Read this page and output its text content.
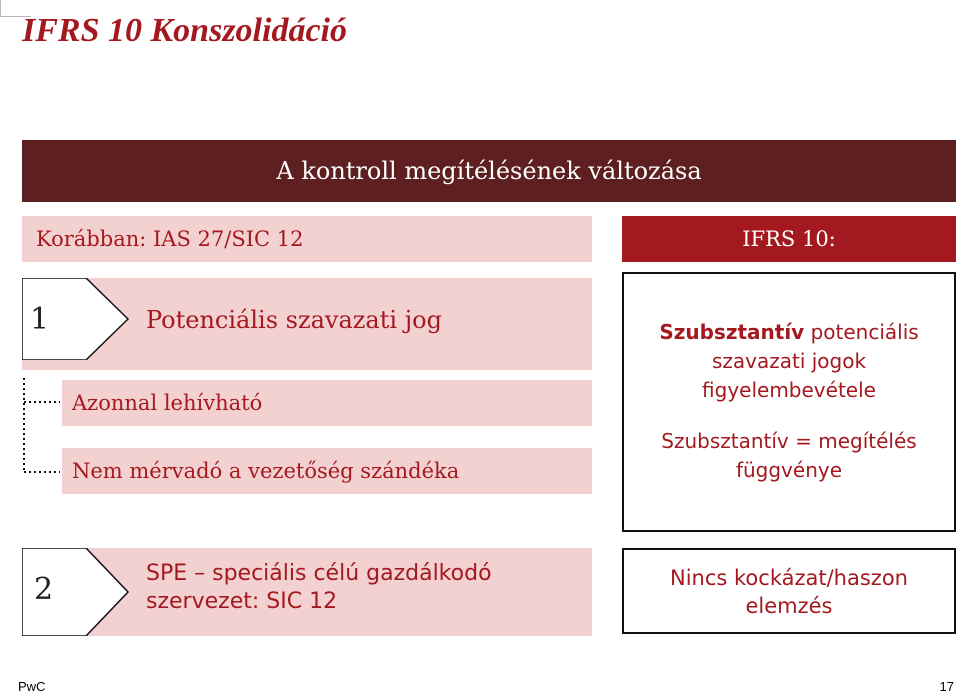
IFRS 10 Konszolidáció
A kontroll megítélésének változása
Korábban: IAS 27/SIC 12	IFRS 10:
1	Potenciális szavazati jog
Azonnal lehívható
Nem mérvadó a vezetőség szándéka
Szubsztantív potenciális
szavazati jogok
figyelembevétele
Szubsztantív = megítélés
függvénye
2	SPE – speciális célú gazdálkodó
szervezet: SIC 12
Nincs kockázat/haszon
elemzés
PwC	17
